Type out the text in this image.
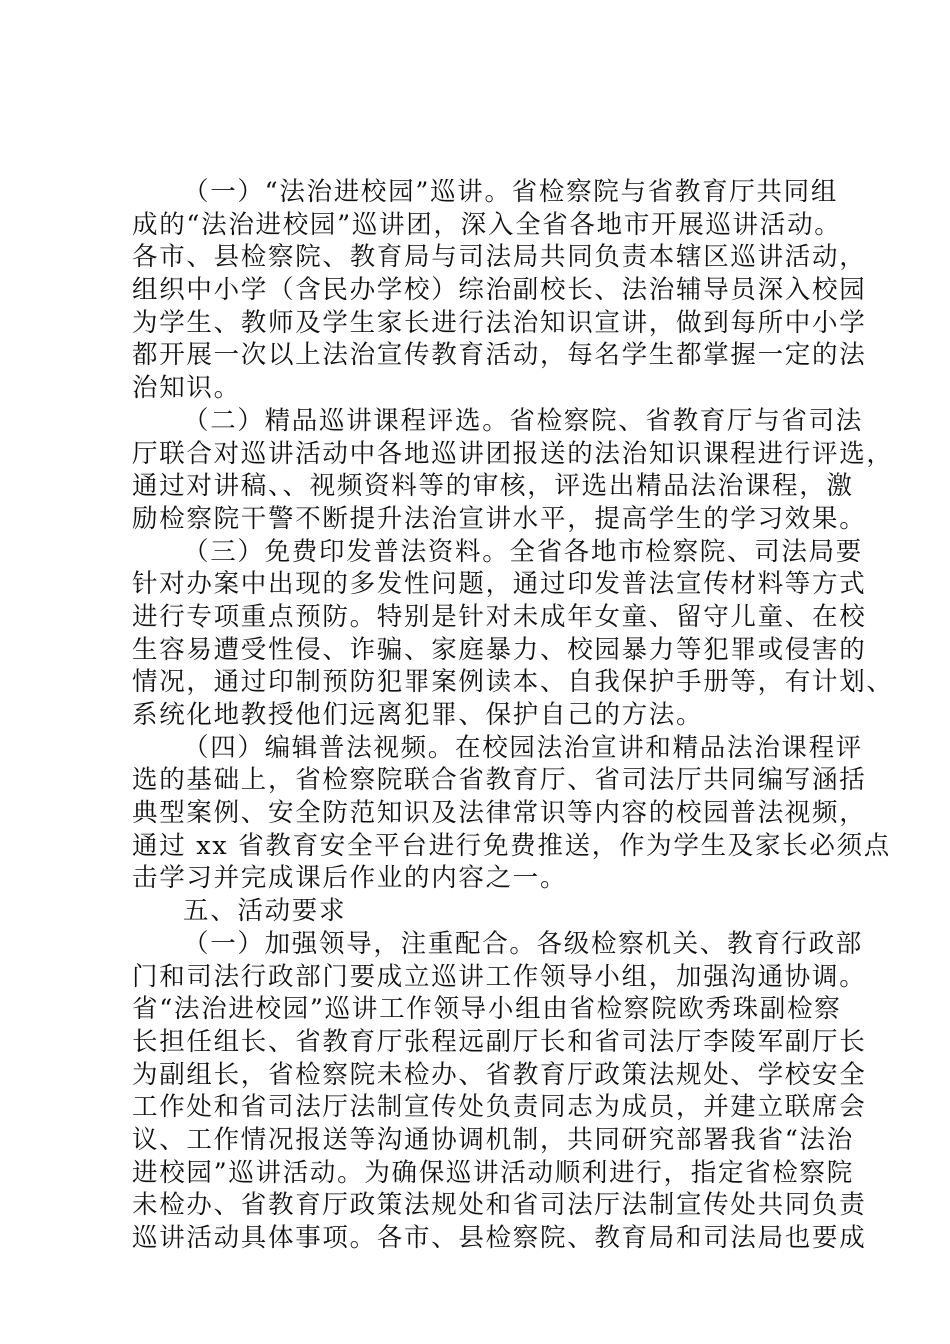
（一）“法治进校园”巡讲。省检察院与省教育厅共同组
成的“法治进校园”巡讲团，深入全省各地市开展巡讲活动。
各市、县检察院、教育局与司法局共同负责本辖区巡讲活动，
组织中小学（含民办学校）综治副校长、法治辅导员深入校园
为学生、教师及学生家长进行法治知识宣讲，做到每所中小学
都开展一次以上法治宣传教育活动，每名学生都掌握一定的法
治知识。
（二）精品巡讲课程评选。省检察院、省教育厅与省司法
厅联合对巡讲活动中各地巡讲团报送的法治知识课程进行评选，
通过对讲稿、、视频资料等的审核，评选出精品法治课程，激
励检察院干警不断提升法治宣讲水平，提高学生的学习效果。
（三）免费印发普法资料。全省各地市检察院、司法局要
针对办案中出现的多发性问题，通过印发普法宣传材料等方式
进行专项重点预防。特别是针对未成年女童、留守儿童、在校
生容易遭受性侵、诈骗、家庭暴力、校园暴力等犯罪或侵害的
情况，通过印制预防犯罪案例读本、自我保护手册等，有计划、
系统化地教授他们远离犯罪、保护自己的方法。
（四）编辑普法视频。在校园法治宣讲和精品法治课程评
选的基础上，省检察院联合省教育厅、省司法厅共同编写涵括
典型案例、安全防范知识及法律常识等内容的校园普法视频，
通过 xx 省教育安全平台进行免费推送，作为学生及家长必须点
击学习并完成课后作业的内容之一。
五、活动要求
（一）加强领导，注重配合。各级检察机关、教育行政部
门和司法行政部门要成立巡讲工作领导小组，加强沟通协调。
省“法治进校园”巡讲工作领导小组由省检察院欧秀珠副检察
长担任组长、省教育厅张程远副厅长和省司法厅李陵军副厅长
为副组长，省检察院未检办、省教育厅政策法规处、学校安全
工作处和省司法厅法制宣传处负责同志为成员，并建立联席会
议、工作情况报送等沟通协调机制，共同研究部署我省“法治
进校园”巡讲活动。为确保巡讲活动顺利进行，指定省检察院
未检办、省教育厅政策法规处和省司法厅法制宣传处共同负责
巡讲活动具体事项。各市、县检察院、教育局和司法局也要成
